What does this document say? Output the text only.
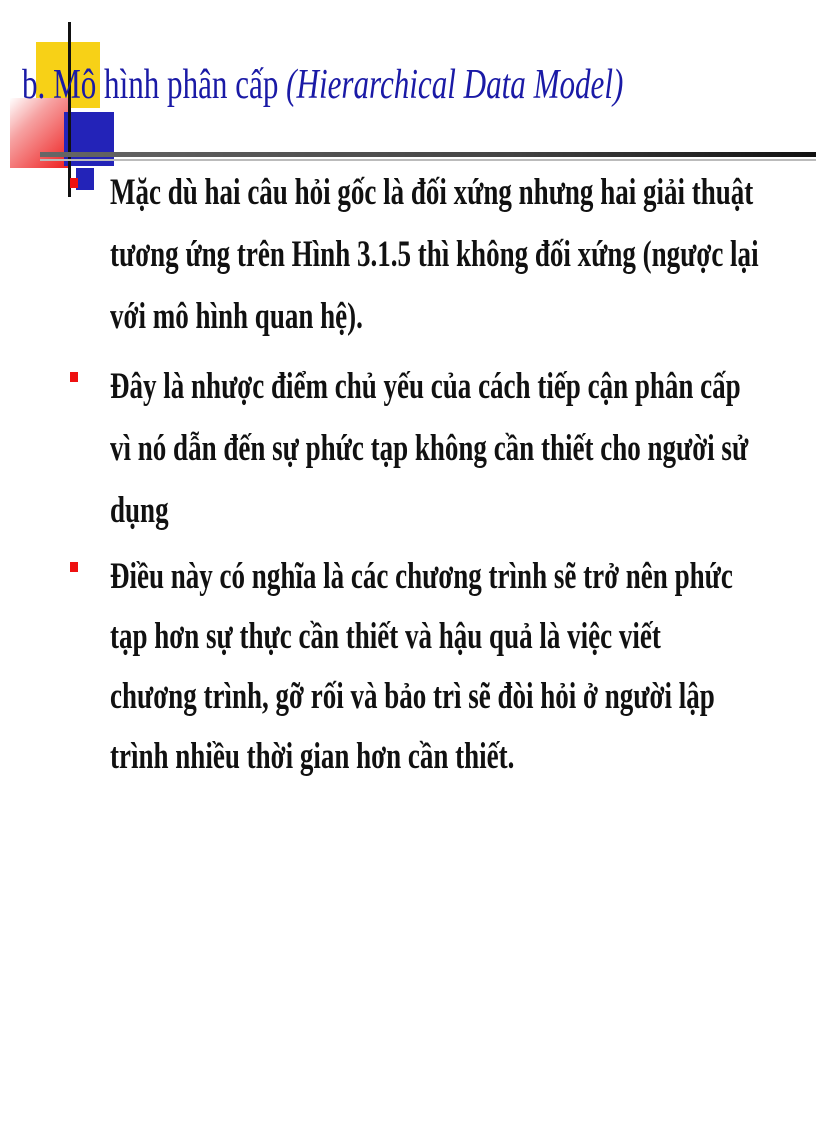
b. Mô hình phân cấp (Hierarchical Data Model)
Mặc dù hai câu hỏi gốc là đối xứng nhưng hai giải thuật
tương ứng trên Hình 3.1.5 thì không đối xứng (ngược lại
với mô hình quan hệ).
Đây là nhược điểm chủ yếu của cách tiếp cận phân cấp
vì nó dẫn đến sự phức tạp không cần thiết cho người sử
dụng
Điều này có nghĩa là các chương trình sẽ trở nên phức
tạp hơn sự thực cần thiết và hậu quả là việc viết
chương trình, gỡ rối và bảo trì sẽ đòi hỏi ở người lập
trình nhiều thời gian hơn cần thiết.
